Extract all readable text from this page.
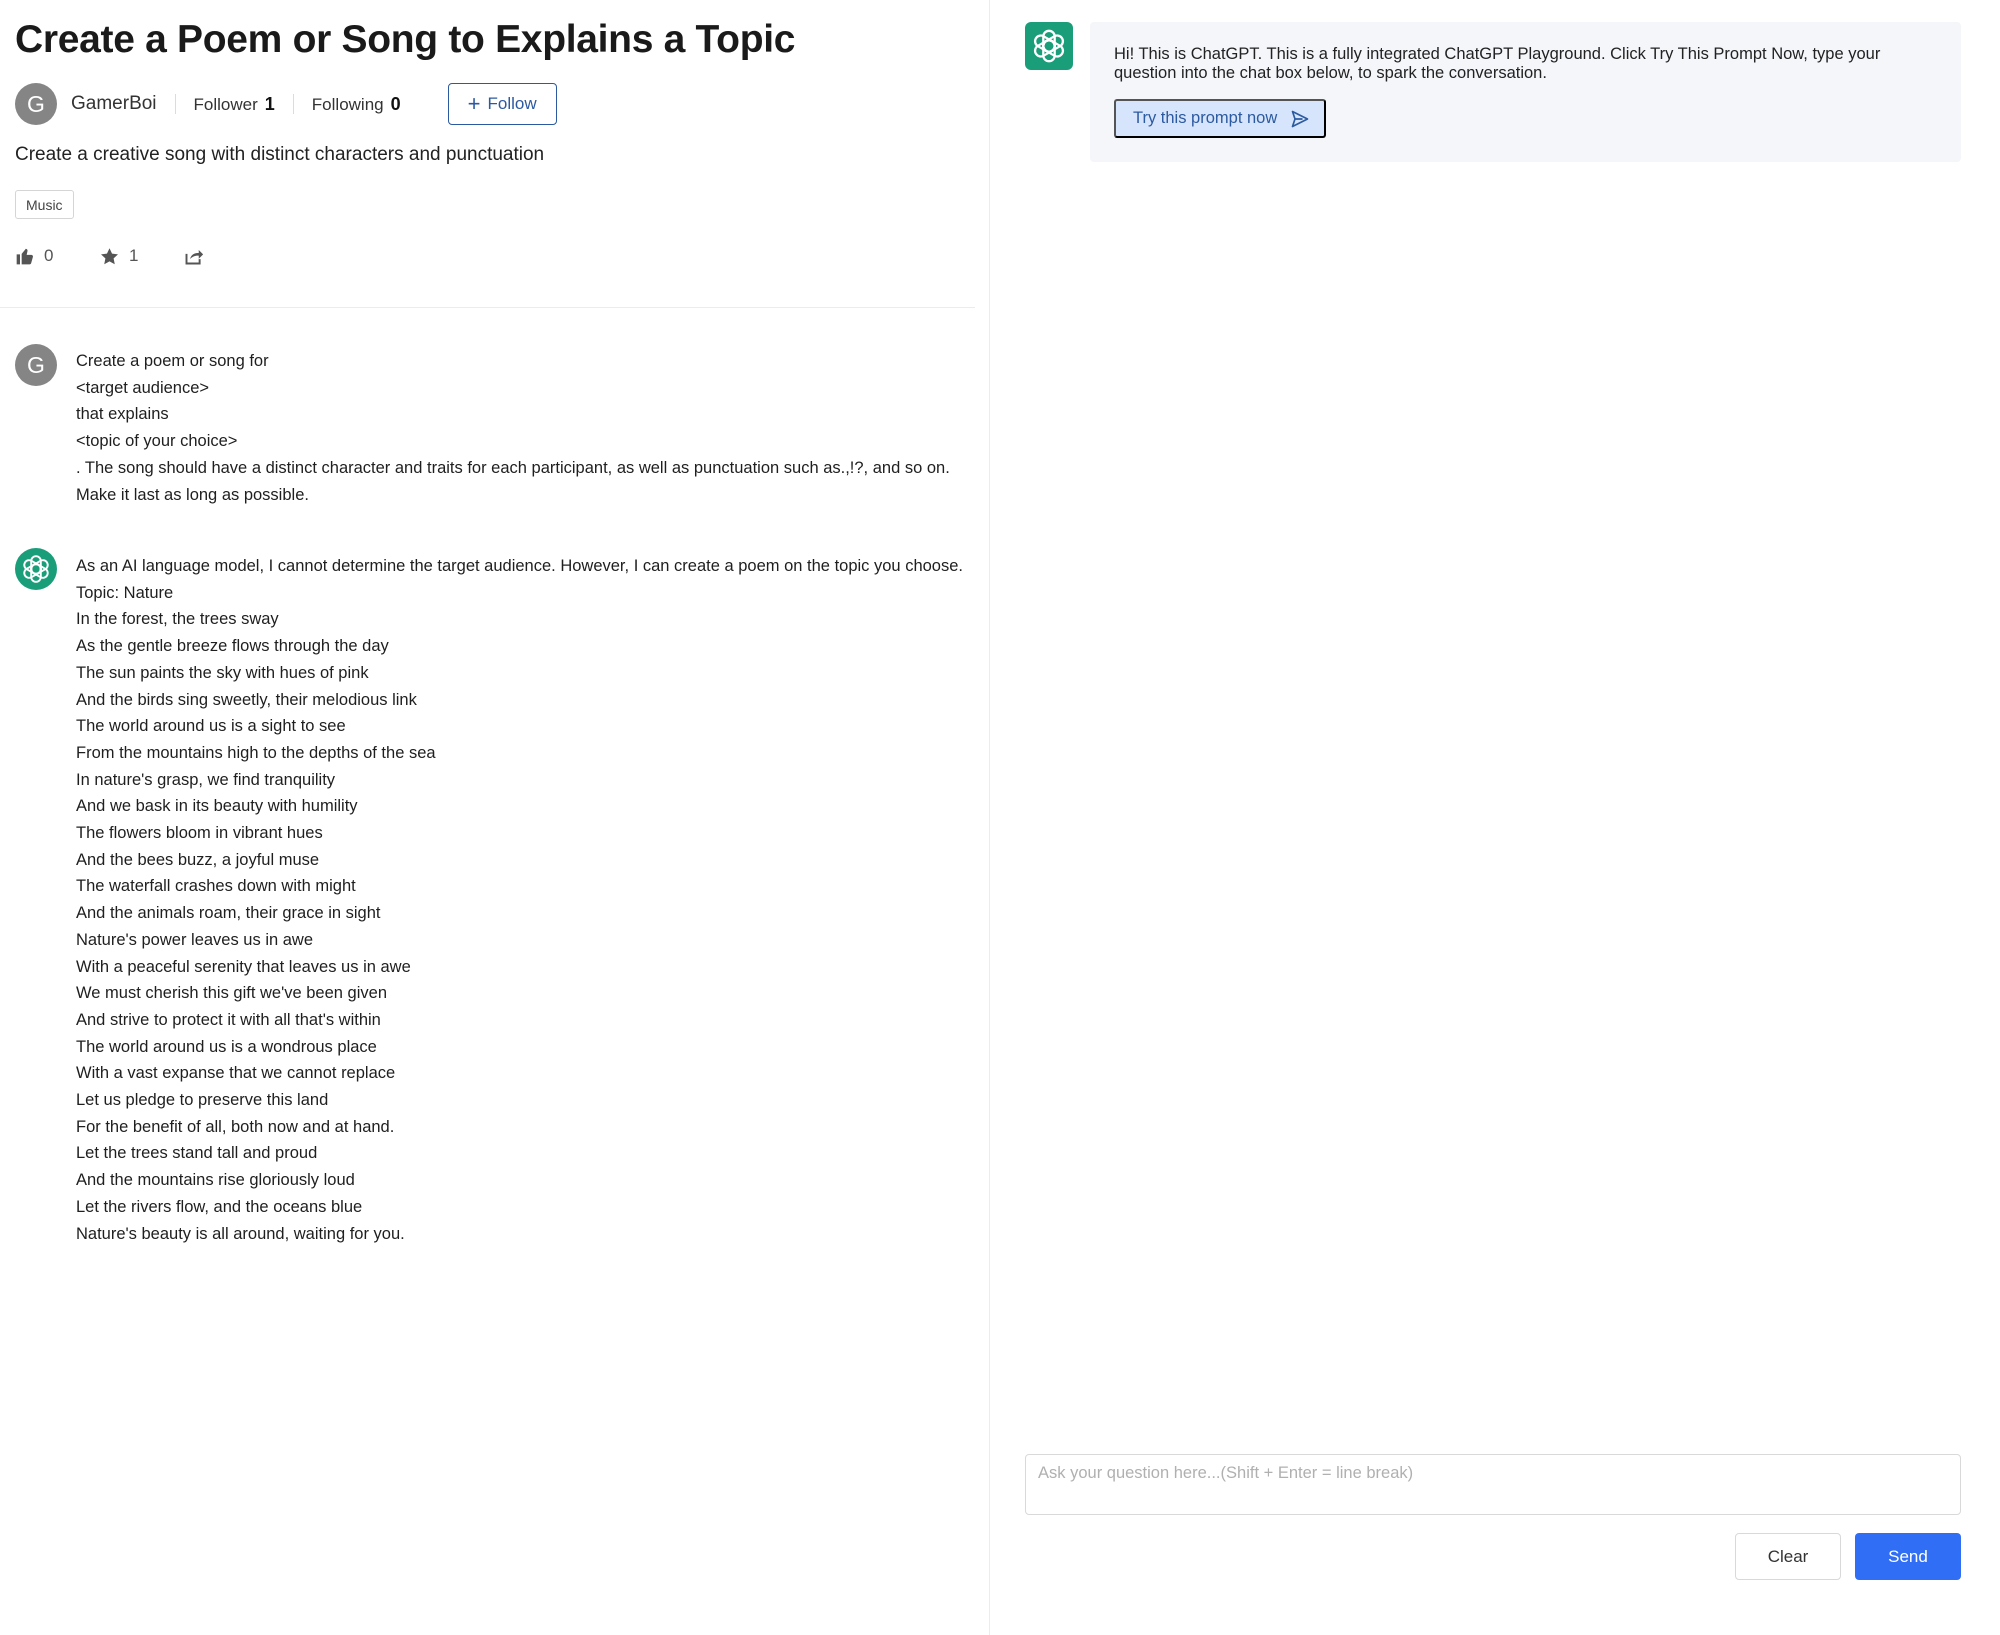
Create a Poem or Song to Explains a Topic
G	GamerBoi Follower 1 Following 0	+ Follow

Create a creative song with distinct characters and punctuation

Music
0	1
G	Create a poem or song for
<target audience>
that explains
<topic of your choice>
. The song should have a distinct character and traits for each participant, as well as punctuation such as.,!?, and so on. Make it last as long as possible.
As an AI language model, I cannot determine the target audience. However, I can create a poem on the topic you choose.
Topic: Nature
In the forest, the trees sway
As the gentle breeze flows through the day
The sun paints the sky with hues of pink
And the birds sing sweetly, their melodious link
The world around us is a sight to see
From the mountains high to the depths of the sea
In nature's grasp, we find tranquility
And we bask in its beauty with humility
The flowers bloom in vibrant hues
And the bees buzz, a joyful muse
The waterfall crashes down with might
And the animals roam, their grace in sight
Nature's power leaves us in awe
With a peaceful serenity that leaves us in awe
We must cherish this gift we've been given
And strive to protect it with all that's within
The world around us is a wondrous place
With a vast expanse that we cannot replace
Let us pledge to preserve this land
For the benefit of all, both now and at hand.
Let the trees stand tall and proud
And the mountains rise gloriously loud
Let the rivers flow, and the oceans blue
Nature's beauty is all around, waiting for you.

Hi! This is ChatGPT. This is a fully integrated ChatGPT Playground. Click Try This Prompt Now, type your question into the chat box below, to spark the conversation.

Try this prompt now
Ask your question here...(Shift + Enter = line break)
Clear	Send
